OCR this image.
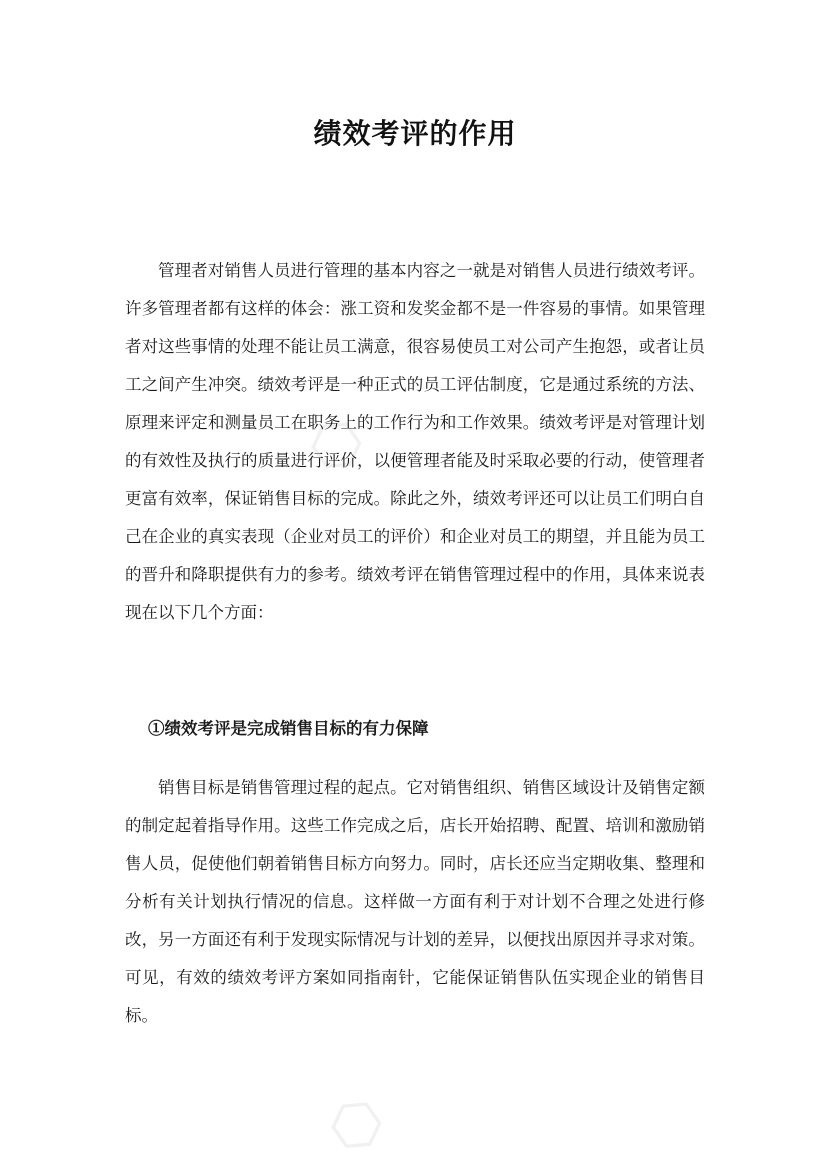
⬡
⬡
绩效考评的作用

管理者对销售人员进行管理的基本内容之一就是对销售人员进行绩效考评。许多管理者都有这样的体会：涨工资和发奖金都不是一件容易的事情。如果管理者对这些事情的处理不能让员工满意，很容易使员工对公司产生抱怨，或者让员工之间产生冲突。绩效考评是一种正式的员工评估制度，它是通过系统的方法、原理来评定和测量员工在职务上的工作行为和工作效果。绩效考评是对管理计划的有效性及执行的质量进行评价，以便管理者能及时采取必要的行动，使管理者更富有效率，保证销售目标的完成。除此之外，绩效考评还可以让员工们明白自己在企业的真实表现（企业对员工的评价）和企业对员工的期望，并且能为员工的晋升和降职提供有力的参考。绩效考评在销售管理过程中的作用，具体来说表现在以下几个方面：

①绩效考评是完成销售目标的有力保障

销售目标是销售管理过程的起点。它对销售组织、销售区域设计及销售定额的制定起着指导作用。这些工作完成之后，店长开始招聘、配置、培训和激励销售人员，促使他们朝着销售目标方向努力。同时，店长还应当定期收集、整理和分析有关计划执行情况的信息。这样做一方面有利于对计划不合理之处进行修改，另一方面还有利于发现实际情况与计划的差异，以便找出原因并寻求对策。可见，有效的绩效考评方案如同指南针，它能保证销售队伍实现企业的销售目标。
